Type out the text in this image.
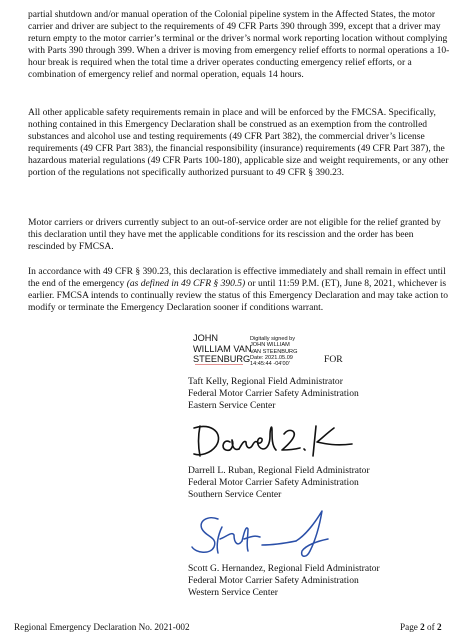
partial shutdown and/or manual operation of the Colonial pipeline system in the Affected States, the motor carrier and driver are subject to the requirements of 49 CFR Parts 390 through 399, except that a driver may return empty to the motor carrier’s terminal or the driver’s normal work reporting location without complying with Parts 390 through 399. When a driver is moving from emergency relief efforts to normal operations a 10-hour break is required when the total time a driver operates conducting emergency relief efforts, or a combination of emergency relief and normal operation, equals 14 hours.

All other applicable safety requirements remain in place and will be enforced by the FMCSA. Specifically, nothing contained in this Emergency Declaration shall be construed as an exemption from the controlled substances and alcohol use and testing requirements (49 CFR Part 382), the commercial driver’s license requirements (49 CFR Part 383), the financial responsibility (insurance) requirements (49 CFR Part 387), the hazardous material regulations (49 CFR Parts 100-180), applicable size and weight requirements, or any other portion of the regulations not specifically authorized pursuant to 49 CFR § 390.23.

Motor carriers or drivers currently subject to an out-of-service order are not eligible for the relief granted by this declaration until they have met the applicable conditions for its rescission and the order has been rescinded by FMCSA.

In accordance with 49 CFR § 390.23, this declaration is effective immediately and shall remain in effect until the end of the emergency (as defined in 49 CFR § 390.5) or until 11:59 P.M. (ET), June 8, 2021, whichever is earlier. FMCSA intends to continually review the status of this Emergency Declaration and may take action to modify or terminate the Emergency Declaration sooner if conditions warrant.

JOHN
WILLIAM VAN
STEENBURG
Digitally signed by
JOHN WILLIAM
VAN STEENBURG
Date: 2021.05.09
14:45:44 -04'00'	FOR
Taft Kelly, Regional Field Administrator
Federal Motor Carrier Safety Administration
Eastern Service Center
Darrell L. Ruban, Regional Field Administrator
Federal Motor Carrier Safety Administration
Southern Service Center
Scott G. Hernandez, Regional Field Administrator
Federal Motor Carrier Safety Administration
Western Service Center
Regional Emergency Declaration No. 2021-002	Page 2 of 2
